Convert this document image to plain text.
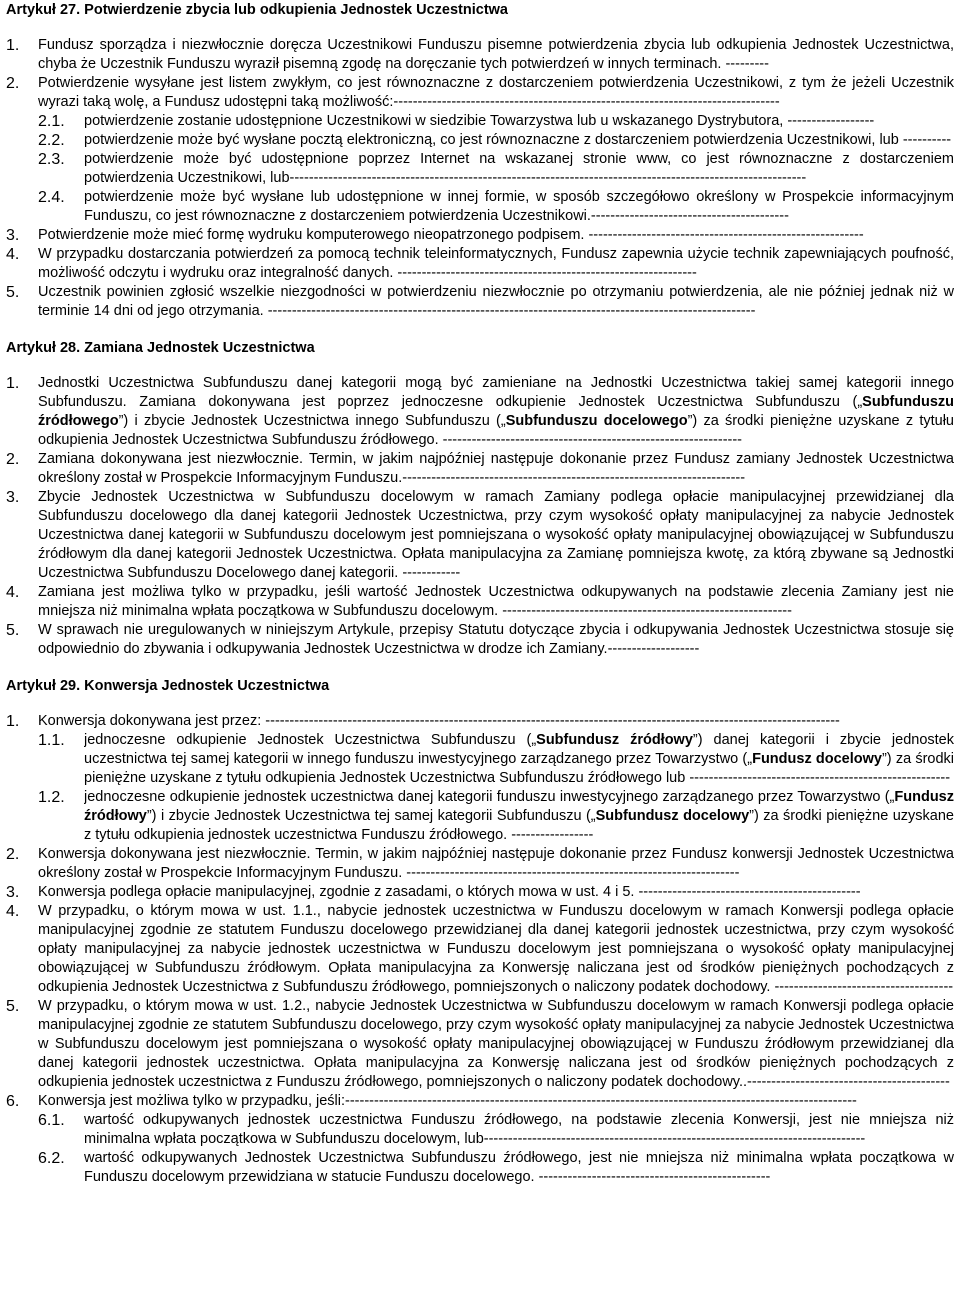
Artykuł 27. Potwierdzenie zbycia lub odkupienia Jednostek Uczestnictwa

1.	Fundusz sporządza i niezwłocznie doręcza Uczestnikowi Funduszu pisemne potwierdzenia zbycia lub odkupienia Jednostek Uczestnictwa, chyba że Uczestnik Funduszu wyraził pisemną zgodę na doręczanie tych potwierdzeń w innych terminach. ---------
2.	Potwierdzenie wysyłane jest listem zwykłym, co jest równoznaczne z dostarczeniem potwierdzenia Uczestnikowi, z tym że jeżeli Uczestnik wyrazi taką wolę, a Fundusz udostępni taką możliwość:--------------------------------------------------------------------------------
2.1.	potwierdzenie zostanie udostępnione Uczestnikowi w siedzibie Towarzystwa lub u wskazanego Dystrybutora, ------------------
2.2.	potwierdzenie może być wysłane pocztą elektroniczną, co jest równoznaczne z dostarczeniem potwierdzenia Uczestnikowi, lub ----------
2.3.	potwierdzenie może być udostępnione poprzez Internet na wskazanej stronie www, co jest równoznaczne z dostarczeniem potwierdzenia Uczestnikowi, lub-----------------------------------------------------------------------------------------------------------
2.4.	potwierdzenie może być wysłane lub udostępnione w innej formie, w sposób szczegółowo określony w Prospekcie informacyjnym Funduszu, co jest równoznaczne z dostarczeniem potwierdzenia Uczestnikowi.-----------------------------------------
3.	Potwierdzenie może mieć formę wydruku komputerowego nieopatrzonego podpisem. ---------------------------------------------------------
4.	W przypadku dostarczania potwierdzeń za pomocą technik teleinformatycznych, Fundusz zapewnia użycie technik zapewniających poufność, możliwość odczytu i wydruku oraz integralność danych. --------------------------------------------------------------
5.	Uczestnik powinien zgłosić wszelkie niezgodności w potwierdzeniu niezwłocznie po otrzymaniu potwierdzenia, ale nie później jednak niż w terminie 14 dni od jego otrzymania. -----------------------------------------------------------------------------------------------------

Artykuł 28. Zamiana Jednostek Uczestnictwa

1.	Jednostki Uczestnictwa Subfunduszu danej kategorii mogą być zamieniane na Jednostki Uczestnictwa takiej samej kategorii innego Subfunduszu. Zamiana dokonywana jest poprzez jednoczesne odkupienie Jednostek Uczestnictwa Subfunduszu („Subfunduszu źródłowego”) i zbycie Jednostek Uczestnictwa innego Subfunduszu („Subfunduszu docelowego”) za środki pieniężne uzyskane z tytułu odkupienia Jednostek Uczestnictwa Subfunduszu źródłowego. --------------------------------------------------------------
2.	Zamiana dokonywana jest niezwłocznie. Termin, w jakim najpóźniej następuje dokonanie przez Fundusz zamiany Jednostek Uczestnictwa określony został w Prospekcie Informacyjnym Funduszu.-----------------------------------------------------------------------
3.	Zbycie Jednostek Uczestnictwa w Subfunduszu docelowym w ramach Zamiany podlega opłacie manipulacyjnej przewidzianej dla Subfunduszu docelowego dla danej kategorii Jednostek Uczestnictwa, przy czym wysokość opłaty manipulacyjnej za nabycie Jednostek Uczestnictwa danej kategorii w Subfunduszu docelowym jest pomniejszana o wysokość opłaty manipulacyjnej obowiązującej w Subfunduszu źródłowym dla danej kategorii Jednostek Uczestnictwa. Opłata manipulacyjna za Zamianę pomniejsza kwotę, za którą zbywane są Jednostki Uczestnictwa Subfunduszu Docelowego danej kategorii. ------------
4.	Zamiana jest możliwa tylko w przypadku, jeśli wartość Jednostek Uczestnictwa odkupywanych na podstawie zlecenia Zamiany jest nie mniejsza niż minimalna wpłata początkowa w Subfunduszu docelowym. ------------------------------------------------------------
5.	W sprawach nie uregulowanych w niniejszym Artykule, przepisy Statutu dotyczące zbycia i odkupywania Jednostek Uczestnictwa stosuje się odpowiednio do zbywania i odkupywania Jednostek Uczestnictwa w drodze ich Zamiany.-------------------

Artykuł 29. Konwersja Jednostek Uczestnictwa

1.	Konwersja dokonywana jest przez: -----------------------------------------------------------------------------------------------------------------------
1.1.	jednoczesne odkupienie Jednostek Uczestnictwa Subfunduszu („Subfundusz źródłowy”) danej kategorii i zbycie jednostek uczestnictwa tej samej kategorii w innego funduszu inwestycyjnego zarządzanego przez Towarzystwo („Fundusz docelowy”) za środki pieniężne uzyskane z tytułu odkupienia Jednostek Uczestnictwa Subfunduszu źródłowego lub ------------------------------------------------------
1.2.	jednoczesne odkupienie jednostek uczestnictwa danej kategorii funduszu inwestycyjnego zarządzanego przez Towarzystwo („Fundusz źródłowy”) i zbycie Jednostek Uczestnictwa tej samej kategorii Subfunduszu („Subfundusz docelowy”) za środki pieniężne uzyskane z tytułu odkupienia jednostek uczestnictwa Funduszu źródłowego. -----------------
2.	Konwersja dokonywana jest niezwłocznie. Termin, w jakim najpóźniej następuje dokonanie przez Fundusz konwersji Jednostek Uczestnictwa określony został w Prospekcie Informacyjnym Funduszu. ---------------------------------------------------------------------
3.	Konwersja podlega opłacie manipulacyjnej, zgodnie z zasadami, o których mowa w ust. 4 i 5. ----------------------------------------------
4.	W przypadku, o którym mowa w ust. 1.1., nabycie jednostek uczestnictwa w Funduszu docelowym w ramach Konwersji podlega opłacie manipulacyjnej zgodnie ze statutem Funduszu docelowego przewidzianej dla danej kategorii jednostek uczestnictwa, przy czym wysokość opłaty manipulacyjnej za nabycie jednostek uczestnictwa w Funduszu docelowym jest pomniejszana o wysokość opłaty manipulacyjnej obowiązującej w Subfunduszu źródłowym. Opłata manipulacyjna za Konwersję naliczana jest od środków pieniężnych pochodzących z odkupienia Jednostek Uczestnictwa z Subfunduszu źródłowego, pomniejszonych o naliczony podatek dochodowy. -------------------------------------
5.	W przypadku, o którym mowa w ust. 1.2., nabycie Jednostek Uczestnictwa w Subfunduszu docelowym w ramach Konwersji podlega opłacie manipulacyjnej zgodnie ze statutem Subfunduszu docelowego, przy czym wysokość opłaty manipulacyjnej za nabycie Jednostek Uczestnictwa w Subfunduszu docelowym jest pomniejszana o wysokość opłaty manipulacyjnej obowiązującej w Funduszu źródłowym przewidzianej dla danej kategorii jednostek uczestnictwa. Opłata manipulacyjna za Konwersję naliczana jest od środków pieniężnych pochodzących z odkupienia jednostek uczestnictwa z Funduszu źródłowego, pomniejszonych o naliczony podatek dochodowy..------------------------------------------
6.	Konwersja jest możliwa tylko w przypadku, jeśli:----------------------------------------------------------------------------------------------------------
6.1.	wartość odkupywanych jednostek uczestnictwa Funduszu źródłowego, na podstawie zlecenia Konwersji, jest nie mniejsza niż minimalna wpłata początkowa w Subfunduszu docelowym, lub-------------------------------------------------------------------------------
6.2.	wartość odkupywanych Jednostek Uczestnictwa Subfunduszu źródłowego, jest nie mniejsza niż minimalna wpłata początkowa w Funduszu docelowym przewidziana w statucie Funduszu docelowego. ------------------------------------------------
